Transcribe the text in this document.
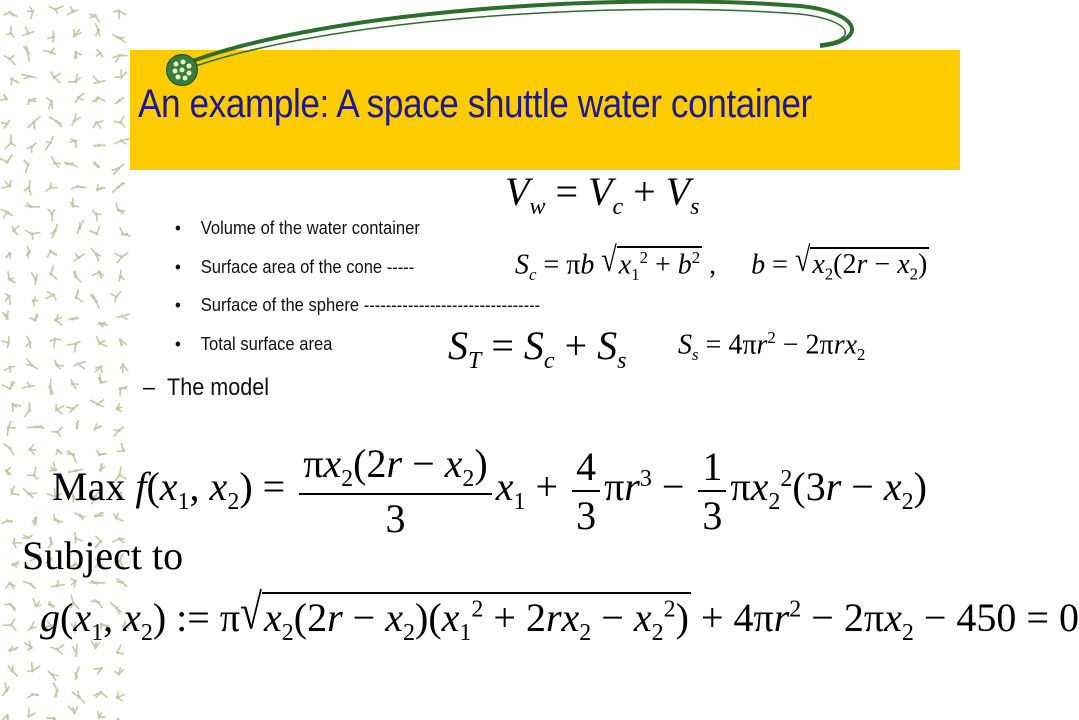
An example: A space shuttle water container
• Volume of the water container
• Surface area of the cone -----
• Surface of the sphere --------------------------------
• Total surface area
– The model
$V_w = V_c + V_s$
$S_c = \pi b$ $√x_1^2 + b^2$ ,     $b = √x_2(2r - x_2)$
$S_T = S_c + S_s$
$S_s = 4\pi r^2 - 2\pi rx_2$
Max $f(x_1$, $x_2) = \frac{\pi x_2(2r - x_2)}{3} x_1 + \frac{4}{3} \pi r^3 - \frac{1}{3} \pi x_2^2(3r - x_2)$
Subject to
$g(x_1$, $x_2$) := $\pi√x_2(2r - x_2)(x_1^2 + 2rx_2 - x_2^2) + 4\pi r^2 - 2\pi x_2 - 450 = 0$
